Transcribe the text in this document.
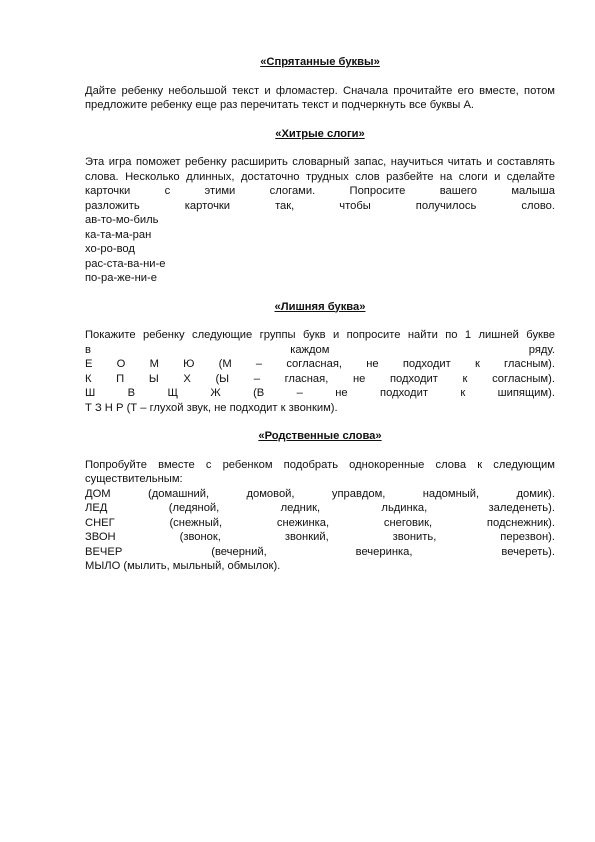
«Спрятанные буквы»

Дайте ребенку небольшой текст и фломастер. Сначала прочитайте его вместе, потом предложите ребенку еще раз перечитать текст и подчеркнуть все буквы А.

«Хитрые слоги»

Эта игра поможет ребенку расширить словарный запас, научиться читать и составлять слова. Несколько длинных, достаточно трудных слов разбейте на слоги и сделайте карточки с этими слогами. Попросите вашего малыша

разложить	карточки	так,	чтобы	получилось	слово.
ав-то-мо-биль
ка-та-ма-ран
хо-ро-вод
рас-ста-ва-ни-е
по-ра-же-ни-е
«Лишняя буква»

Покажите ребенку следующие группы букв и попросите найти по 1 лишней букве

в	каждом	ряду.
Е О М Ю (М – согласная, не подходит к гласным).
К П Ы Х (Ы – гласная, не подходит к согласным).
Ш	В	Щ	Ж	(В	–	не	подходит	к	шипящим).
Т З Н Р (Т – глухой звук, не подходит к звонким).
«Родственные слова»

Попробуйте вместе с ребенком подобрать однокоренные слова к следующим существительным:

ДОМ	(домашний,	домовой,	управдом,	надомный,	домик).
ЛЕД	(ледяной,	ледник,	льдинка,	заледенеть).
СНЕГ	(снежный,	снежинка,	снеговик,	подснежник).
ЗВОН	(звонок,	звонкий,	звонить,	перезвон).
ВЕЧЕР	(вечерний,	вечеринка,	вечереть).
МЫЛО (мылить, мыльный, обмылок).
